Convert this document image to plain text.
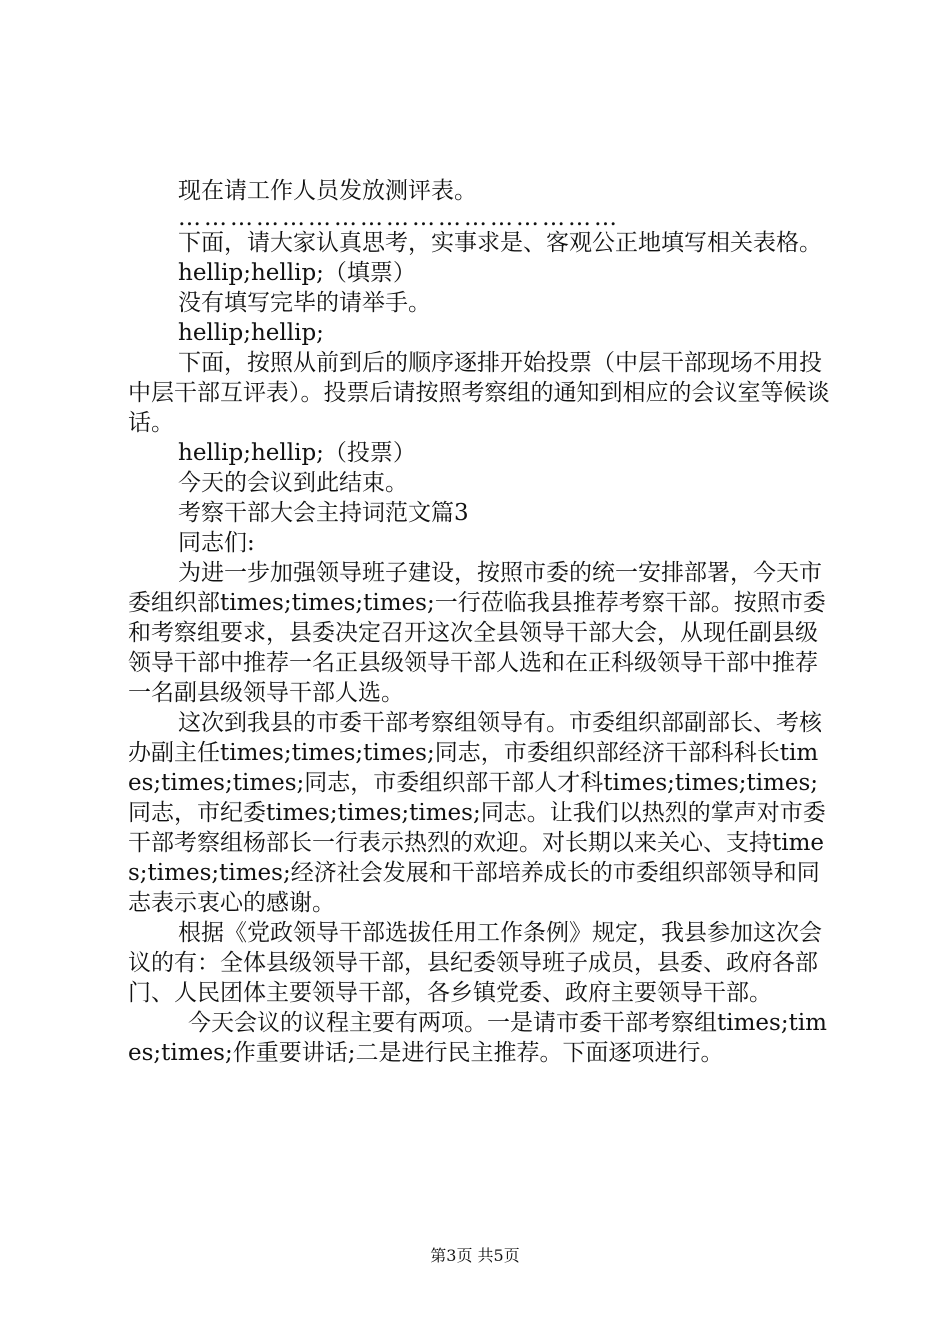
现在请工作人员发放测评表。

……………………………………………

下面，请大家认真思考，实事求是、客观公正地填写相关表格。

hellip;hellip;（填票）

没有填写完毕的请举手。

hellip;hellip;

下面，按照从前到后的顺序逐排开始投票（中层干部现场不用投中层干部互评表）。投票后请按照考察组的通知到相应的会议室等候谈话。

hellip;hellip;（投票）

今天的会议到此结束。

考察干部大会主持词范文篇3

同志们:

为进一步加强领导班子建设，按照市委的统一安排部署，今天市委组织部times;times;times;一行莅临我县推荐考察干部。按照市委和考察组要求，县委决定召开这次全县领导干部大会，从现任副县级领导干部中推荐一名正县级领导干部人选和在正科级领导干部中推荐一名副县级领导干部人选。

这次到我县的市委干部考察组领导有。市委组织部副部长、考核办副主任times;times;times;同志，市委组织部经济干部科科长times;times;times;同志，市委组织部干部人才科times;times;times;同志，市纪委times;times;times;同志。让我们以热烈的掌声对市委干部考察组杨部长一行表示热烈的欢迎。对长期以来关心、支持times;times;times;经济社会发展和干部培养成长的市委组织部领导和同志表示衷心的感谢。

根据《党政领导干部选拔任用工作条例》规定，我县参加这次会议的有：全体县级领导干部，县纪委领导班子成员，县委、政府各部门、人民团体主要领导干部，各乡镇党委、政府主要领导干部。

今天会议的议程主要有两项。一是请市委干部考察组times;times;times;作重要讲话;二是进行民主推荐。下面逐项进行。

第3页 共5页
